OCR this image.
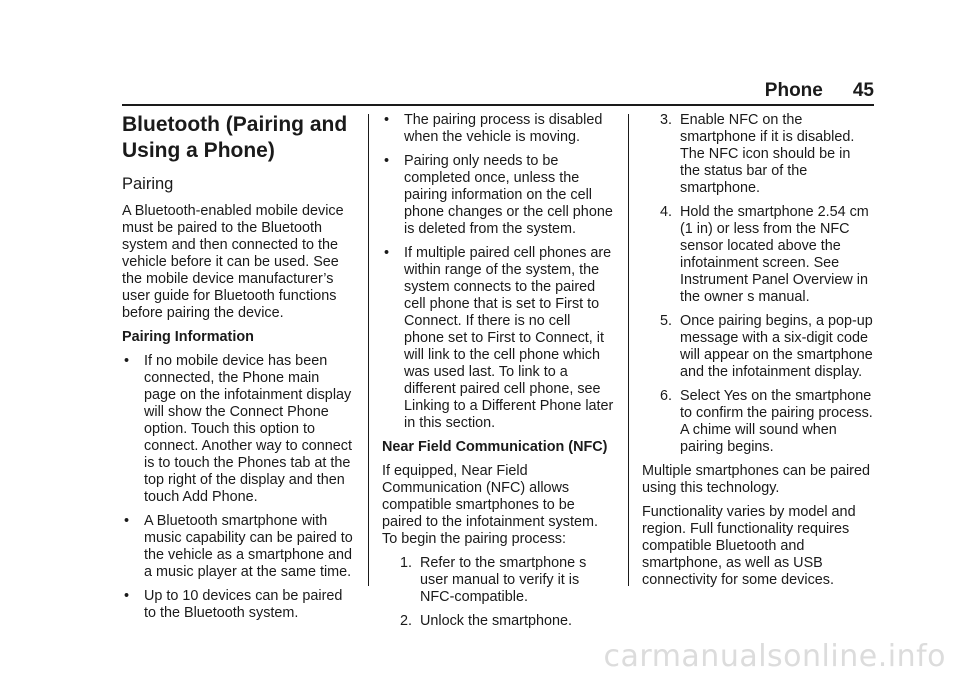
Phone 45
Bluetooth (Pairing and Using a Phone)
Pairing

A Bluetooth-enabled mobile device must be paired to the Bluetooth system and then connected to the vehicle before it can be used. See the mobile device manufacturer’s user guide for Bluetooth functions before pairing the device.

Pairing Information
• If no mobile device has been connected, the Phone main page on the infotainment display will show the Connect Phone option. Touch this option to connect. Another way to connect is to touch the Phones tab at the top right of the display and then touch Add Phone.
• A Bluetooth smartphone with music capability can be paired to the vehicle as a smartphone and a music player at the same time.
• Up to 10 devices can be paired to the Bluetooth system.
• The pairing process is disabled when the vehicle is moving.
• Pairing only needs to be completed once, unless the pairing information on the cell phone changes or the cell phone is deleted from the system.
• If multiple paired cell phones are within range of the system, the system connects to the paired cell phone that is set to First to Connect. If there is no cell phone set to First to Connect, it will link to the cell phone which was used last. To link to a different paired cell phone, see Linking to a Different Phone later in this section.
Near Field Communication (NFC)

If equipped, Near Field Communication (NFC) allows compatible smartphones to be paired to the infotainment system. To begin the pairing process:

1. Refer to the smartphone s user manual to verify it is NFC-compatible.
2. Unlock the smartphone.
3. Enable NFC on the smartphone if it is disabled. The NFC icon should be in the status bar of the smartphone.
4. Hold the smartphone 2.54 cm (1 in) or less from the NFC sensor located above the infotainment screen. See Instrument Panel Overview in the owner s manual.
5. Once pairing begins, a pop-up message with a six-digit code will appear on the smartphone and the infotainment display.
6. Select Yes on the smartphone to confirm the pairing process. A chime will sound when pairing begins.

Multiple smartphones can be paired using this technology.

Functionality varies by model and region. Full functionality requires compatible Bluetooth and smartphone, as well as USB connectivity for some devices.

carmanualsonline.info
